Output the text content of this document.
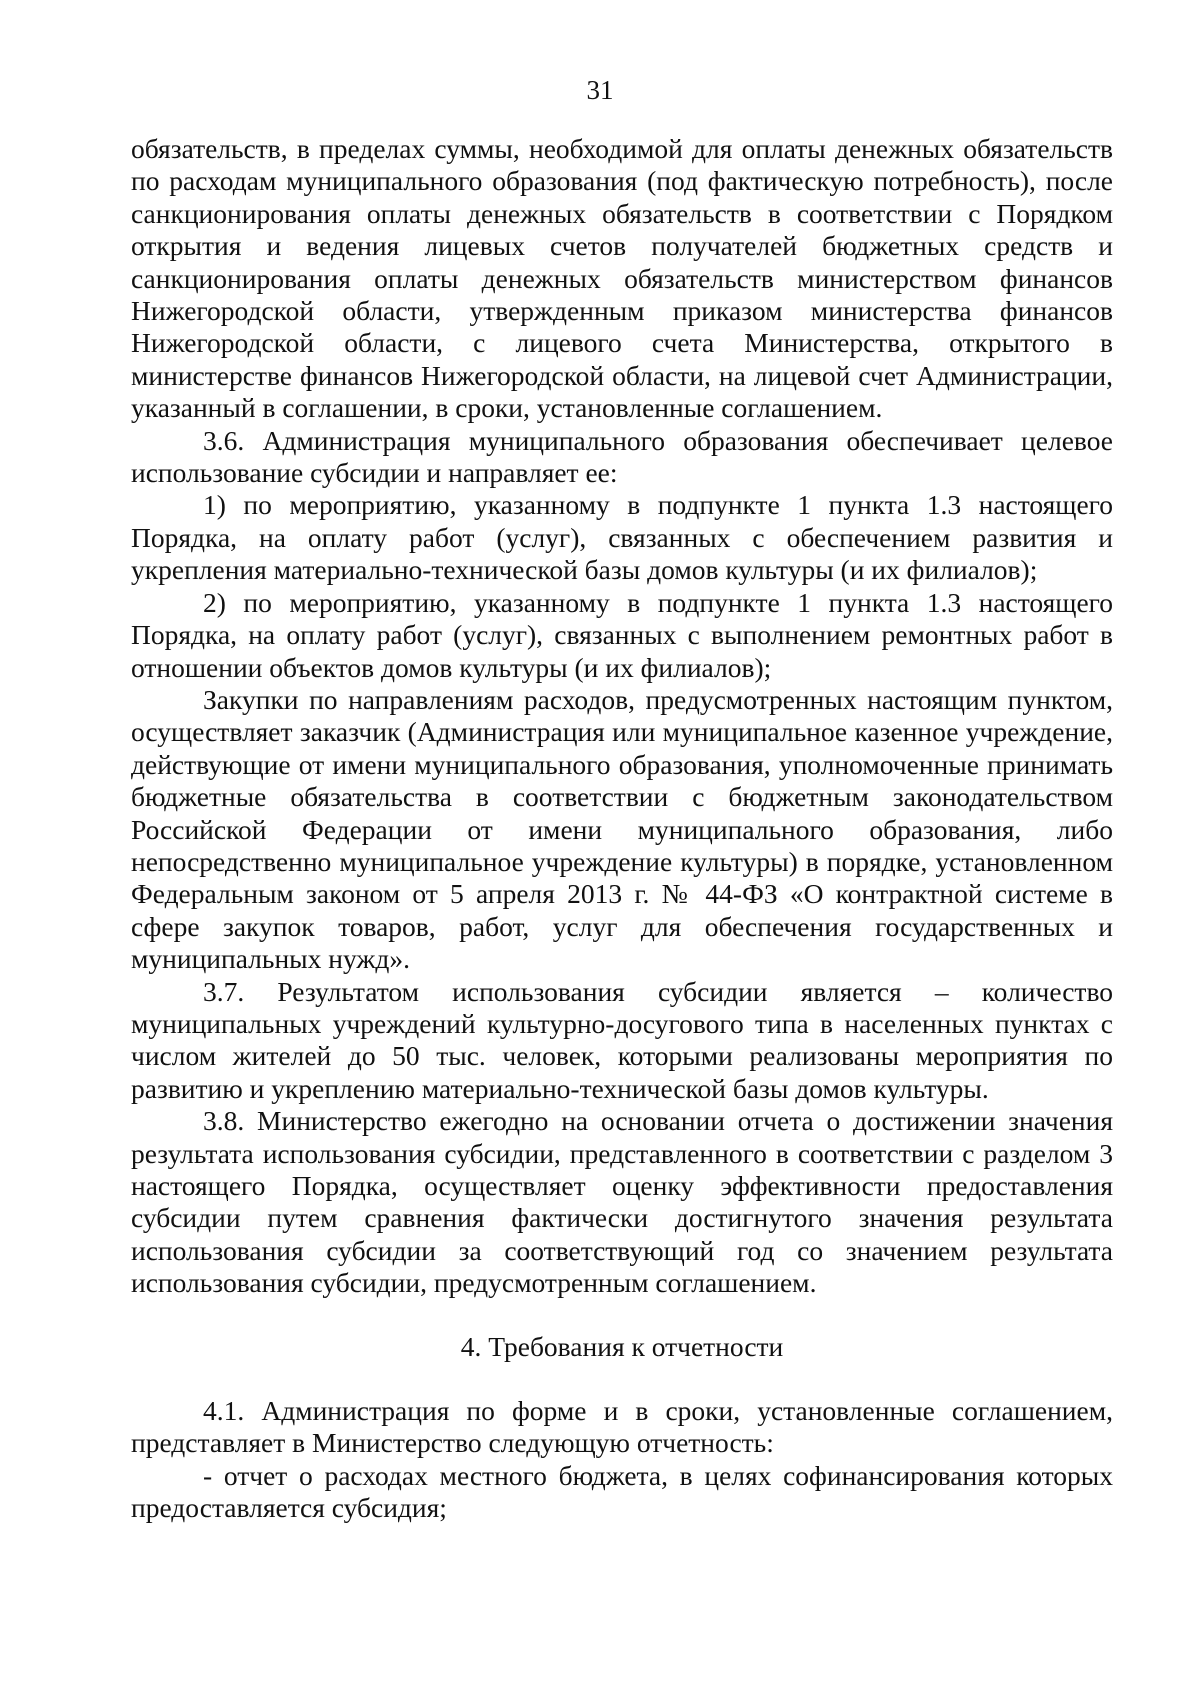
31

обязательств, в пределах суммы, необходимой для оплаты денежных обязательств по расходам муниципального образования (под фактическую потребность), после санкционирования оплаты денежных обязательств в соответствии с Порядком открытия и ведения лицевых счетов получателей бюджетных средств и санкционирования оплаты денежных обязательств министерством финансов Нижегородской области, утвержденным приказом министерства финансов Нижегородской области, с лицевого счета Министерства, открытого в министерстве финансов Нижегородской области, на лицевой счет Администрации, указанный в соглашении, в сроки, установленные соглашением.

3.6. Администрация муниципального образования обеспечивает целевое использование субсидии и направляет ее:

1) по мероприятию, указанному в подпункте 1 пункта 1.3 настоящего Порядка, на оплату работ (услуг), связанных с обеспечением развития и укрепления материально-технической базы домов культуры (и их филиалов);

2) по мероприятию, указанному в подпункте 1 пункта 1.3 настоящего Порядка, на оплату работ (услуг), связанных с выполнением ремонтных работ в отношении объектов домов культуры (и их филиалов);

Закупки по направлениям расходов, предусмотренных настоящим пунктом, осуществляет заказчик (Администрация или муниципальное казенное учреждение, действующие от имени муниципального образования, уполномоченные принимать бюджетные обязательства в соответствии с бюджетным законодательством Российской Федерации от имени муниципального образования, либо непосредственно муниципальное учреждение культуры) в порядке, установленном Федеральным законом от 5 апреля 2013 г. № 44-ФЗ «О контрактной системе в сфере закупок товаров, работ, услуг для обеспечения государственных и муниципальных нужд».

3.7. Результатом использования субсидии является – количество муниципальных учреждений культурно-досугового типа в населенных пунктах с числом жителей до 50 тыс. человек, которыми реализованы мероприятия по развитию и укреплению материально-технической базы домов культуры.

3.8. Министерство ежегодно на основании отчета о достижении значения результата использования субсидии, представленного в соответствии с разделом 3 настоящего Порядка, осуществляет оценку эффективности предоставления субсидии путем сравнения фактически достигнутого значения результата использования субсидии за соответствующий год со значением результата использования субсидии, предусмотренным соглашением.

4. Требования к отчетности

4.1. Администрация по форме и в сроки, установленные соглашением, представляет в Министерство следующую отчетность:

- отчет о расходах местного бюджета, в целях софинансирования которых предоставляется субсидия;
